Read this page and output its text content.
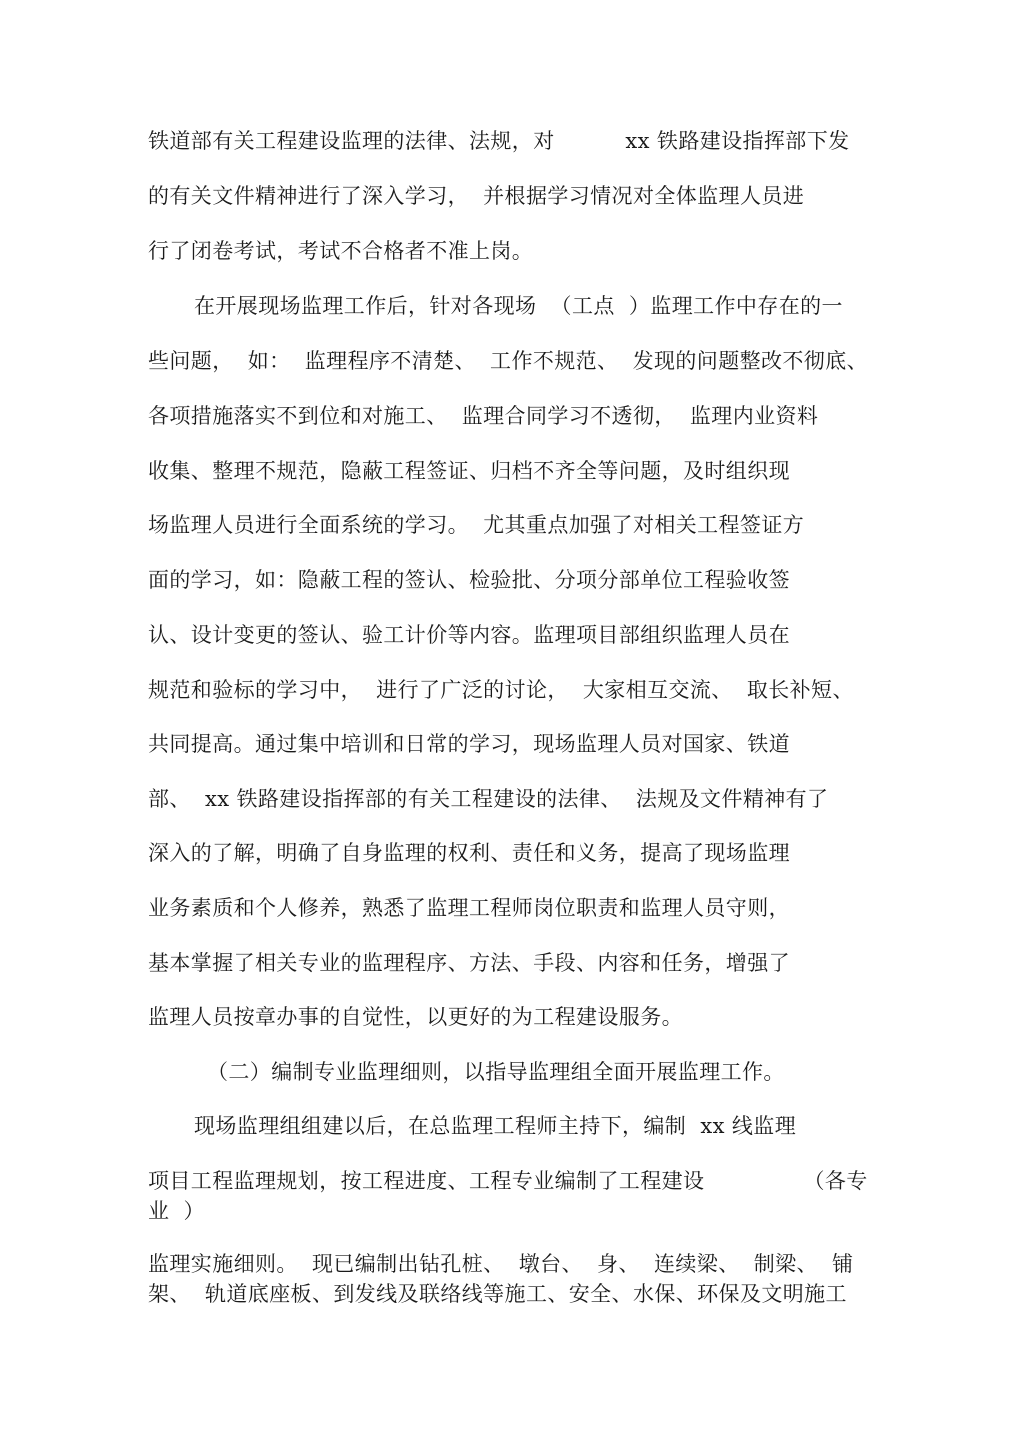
铁道部有关工程建设监理的法律、法规，对          xx 铁路建设指挥部下发
的有关文件精神进行了深入学习，  并根据学习情况对全体监理人员进
行了闭卷考试，考试不合格者不准上岗。
在开展现场监理工作后，针对各现场  （工点  ）监理工作中存在的一
些问题，  如：  监理程序不清楚、  工作不规范、  发现的问题整改不彻底、
各项措施落实不到位和对施工、  监理合同学习不透彻，  监理内业资料
收集、整理不规范，隐蔽工程签证、归档不齐全等问题，及时组织现
场监理人员进行全面系统的学习。  尤其重点加强了对相关工程签证方
面的学习，如：隐蔽工程的签认、检验批、分项分部单位工程验收签
认、设计变更的签认、验工计价等内容。监理项目部组织监理人员在
规范和验标的学习中，  进行了广泛的讨论，  大家相互交流、  取长补短、
共同提高。通过集中培训和日常的学习，现场监理人员对国家、铁道
部、  xx 铁路建设指挥部的有关工程建设的法律、  法规及文件精神有了
深入的了解，明确了自身监理的权利、责任和义务，提高了现场监理
业务素质和个人修养，熟悉了监理工程师岗位职责和监理人员守则，
基本掌握了相关专业的监理程序、方法、手段、内容和任务，增强了
监理人员按章办事的自觉性，以更好的为工程建设服务。
（二）编制专业监理细则，以指导监理组全面开展监理工作。
现场监理组组建以后，在总监理工程师主持下，编制  xx 线监理
项目工程监理规划，按工程进度、工程专业编制了工程建设              （各专
业  ）
监理实施细则。  现已编制出钻孔桩、  墩台、  身、  连续梁、  制梁、  铺
架、  轨道底座板、到发线及联络线等施工、安全、水保、环保及文明施工
